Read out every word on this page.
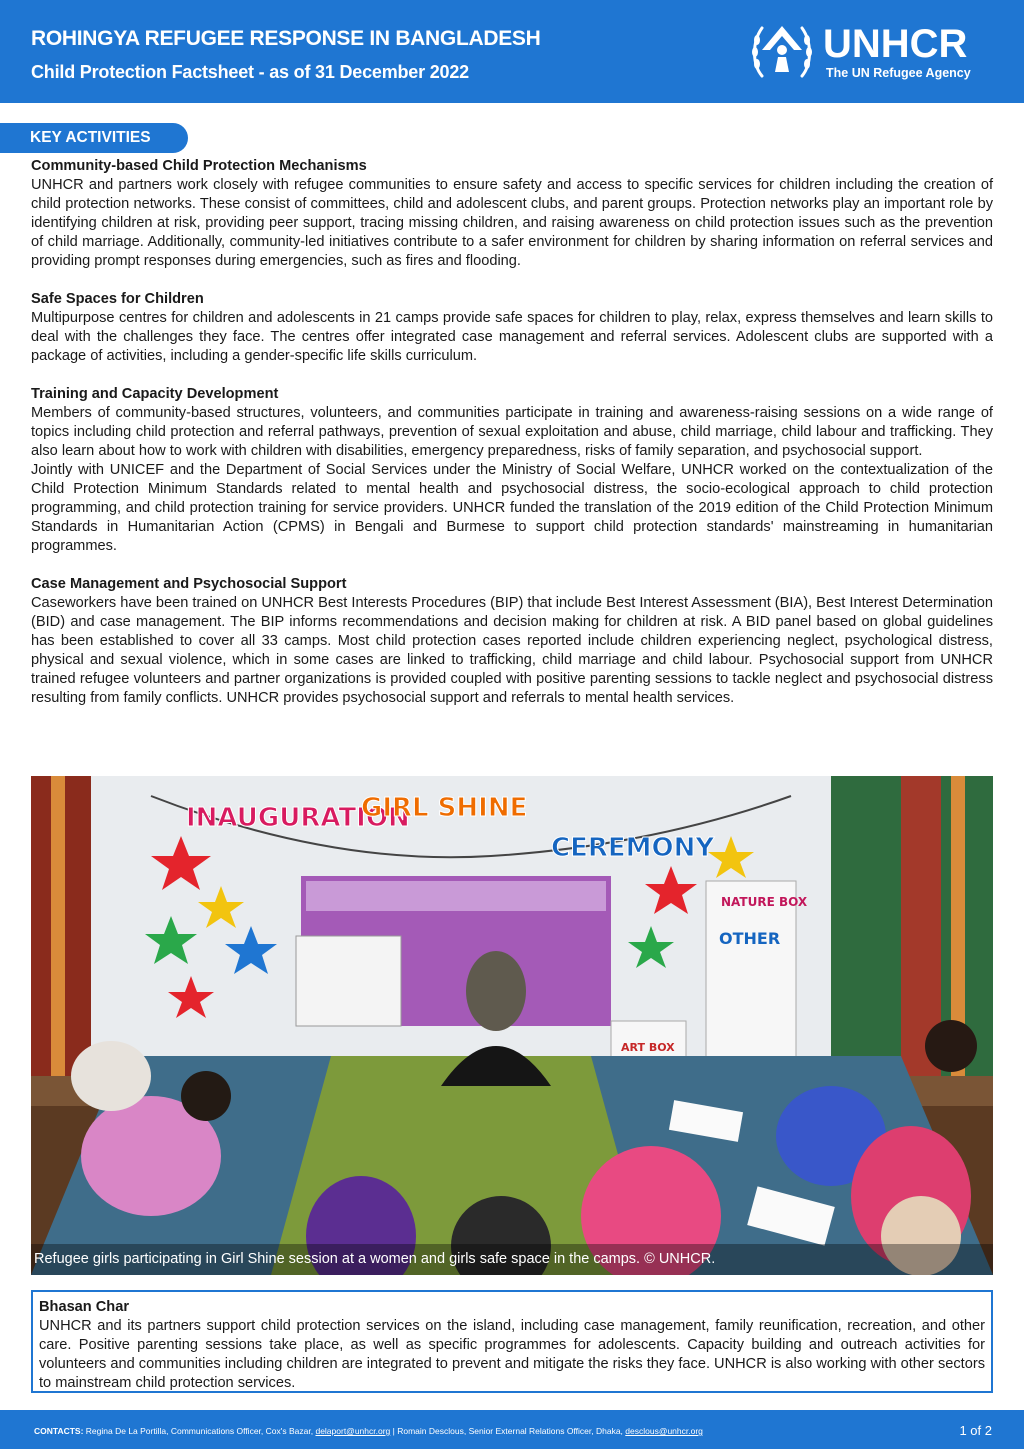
ROHINGYA REFUGEE RESPONSE IN BANGLADESH
Child Protection Factsheet - as of 31 December 2022
UNHCR
The UN Refugee Agency
KEY ACTIVITIES
Community-based Child Protection Mechanisms

UNHCR and partners work closely with refugee communities to ensure safety and access to specific services for children including the creation of child protection networks. These consist of committees, child and adolescent clubs, and parent groups. Protection networks play an important role by identifying children at risk, providing peer support, tracing missing children, and raising awareness on child protection issues such as the prevention of child marriage. Additionally, community-led initiatives contribute to a safer environment for children by sharing information on referral services and providing prompt responses during emergencies, such as fires and flooding.

Safe Spaces for Children

Multipurpose centres for children and adolescents in 21 camps provide safe spaces for children to play, relax, express themselves and learn skills to deal with the challenges they face. The centres offer integrated case management and referral services. Adolescent clubs are supported with a package of activities, including a gender-specific life skills curriculum.

Training and Capacity Development

Members of community-based structures, volunteers, and communities participate in training and awareness-raising sessions on a wide range of topics including child protection and referral pathways, prevention of sexual exploitation and abuse, child marriage, child labour and trafficking. They also learn about how to work with children with disabilities, emergency preparedness, risks of family separation, and psychosocial support.

Jointly with UNICEF and the Department of Social Services under the Ministry of Social Welfare, UNHCR worked on the contextualization of the Child Protection Minimum Standards related to mental health and psychosocial distress, the socio-ecological approach to child protection programming, and child protection training for service providers. UNHCR funded the translation of the 2019 edition of the Child Protection Minimum Standards in Humanitarian Action (CPMS) in Bengali and Burmese to support child protection standards' mainstreaming in humanitarian programmes.

Case Management and Psychosocial Support

Caseworkers have been trained on UNHCR Best Interests Procedures (BIP) that include Best Interest Assessment (BIA), Best Interest Determination (BID) and case management. The BIP informs recommendations and decision making for children at risk. A BID panel based on global guidelines has been established to cover all 33 camps. Most child protection cases reported include children experiencing neglect, psychological distress, physical and sexual violence, which in some cases are linked to trafficking, child marriage and child labour. Psychosocial support from UNHCR trained refugee volunteers and partner organizations is provided coupled with positive parenting sessions to tackle neglect and psychosocial distress resulting from family conflicts. UNHCR provides psychosocial support and referrals to mental health services.

INAUGURATION
CEREMONY
GIRL SHINE
NATURE BOX
OTHER
ART BOX
Refugee girls participating in Girl Shine session at a women and girls safe space in the camps. © UNHCR.
Bhasan Char

UNHCR and its partners support child protection services on the island, including case management, family reunification, recreation, and other care. Positive parenting sessions take place, as well as specific programmes for adolescents. Capacity building and outreach activities for volunteers and communities including children are integrated to prevent and mitigate the risks they face. UNHCR is also working with other sectors to mainstream child protection services.

CONTACTS: Regina De La Portilla, Communications Officer, Cox's Bazar, delaport@unhcr.org | Romain Desclous, Senior External Relations Officer, Dhaka, desclous@unhcr.org	1 of 2
